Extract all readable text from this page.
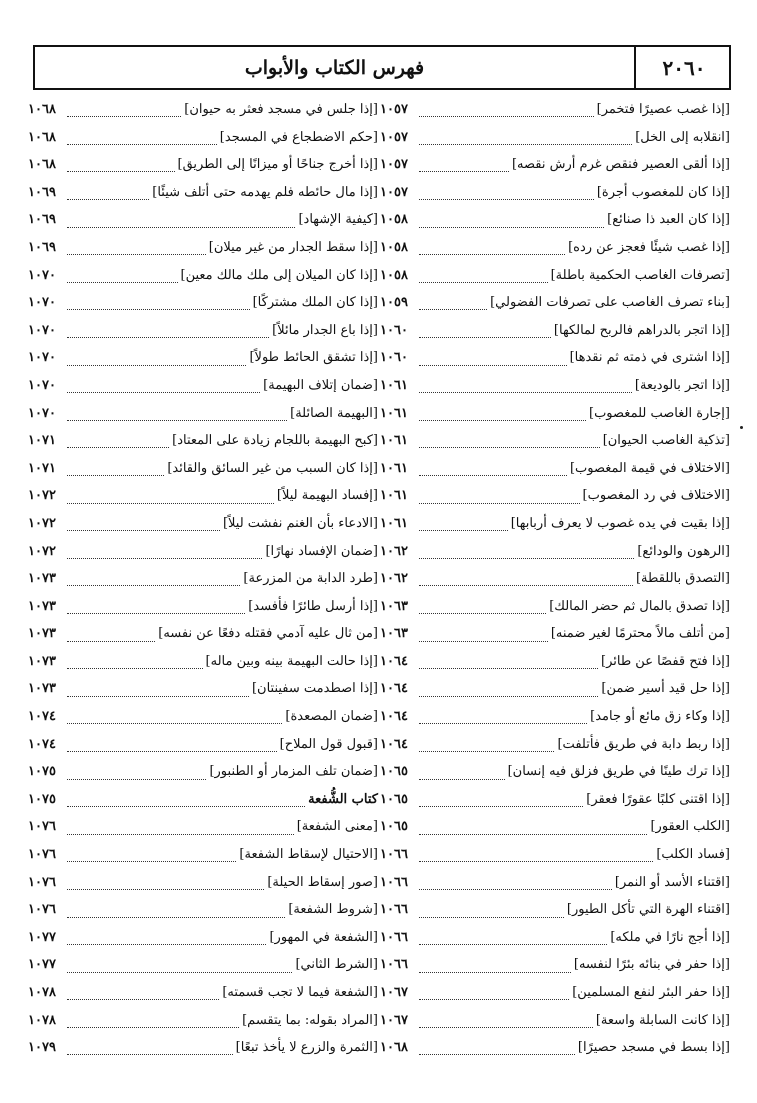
٢٠٦٠
فهرس الكتاب والأبواب
[إذا غصب عصيرًا فتخمر]
١٠٥٧
[انقلابه إلى الخل]
١٠٥٧
[إذا ألقى العصير فنقص غرم أرش نقصه]
١٠٥٧
[إذا كان للمغصوب أجرة]
١٠٥٧
[إذا كان العبد ذا صنائع]
١٠٥٨
[إذا غصب شيئًا فعجز عن رده]
١٠٥٨
[تصرفات الغاصب الحكمية باطلة]
١٠٥٨
[بناء تصرف الغاصب على تصرفات الفضولي]
١٠٥٩
[إذا اتجر بالدراهم فالربح لمالكها]
١٠٦٠
[إذا اشترى في ذمته ثم نقدها]
١٠٦٠
[إذا اتجر بالوديعة]
١٠٦١
[إجارة الغاصب للمغصوب]
١٠٦١
[تذكية الغاصب الحيوان]
١٠٦١
[الاختلاف في قيمة المغصوب]
١٠٦١
[الاختلاف في رد المغصوب]
١٠٦١
[إذا بقيت في يده غصوب لا يعرف أربابها]
١٠٦١
[الرهون والودائع]
١٠٦٢
[التصدق باللقطة]
١٠٦٢
[إذا تصدق بالمال ثم حضر المالك]
١٠٦٣
[من أتلف مالاً محترمًا لغير ضمنه]
١٠٦٣
[إذا فتح قفصًا عن طائر]
١٠٦٤
[إذا حل قيد أسير ضمن]
١٠٦٤
[إذا وكاء زق مائع أو جامد]
١٠٦٤
[إذا ربط دابة في طريق فأتلفت]
١٠٦٤
[إذا ترك طينًا في طريق فزلق فيه إنسان]
١٠٦٥
[إذا اقتنى كلبًا عقورًا فعقر]
١٠٦٥
[الكلب العقور]
١٠٦٥
[فساد الكلب]
١٠٦٦
[اقتناء الأسد أو النمر]
١٠٦٦
[اقتناء الهرة التي تأكل الطيور]
١٠٦٦
[إذا أجج نارًا في ملكه]
١٠٦٦
[إذا حفر في بنائه بئرًا لنفسه]
١٠٦٦
[إذا حفر البئر لنفع المسلمين]
١٠٦٧
[إذا كانت السابلة واسعة]
١٠٦٧
[إذا بسط في مسجد حصيرًا]
١٠٦٨
[إذا جلس في مسجد فعثر به حيوان]
١٠٦٨
[حكم الاضطجاع في المسجد]
١٠٦٨
[إذا أخرج جناحًا أو ميزانًا إلى الطريق]
١٠٦٨
[إذا مال حائطه فلم يهدمه حتى أتلف شيئًا]
١٠٦٩
[كيفية الإشهاد]
١٠٦٩
[إذا سقط الجدار من غير ميلان]
١٠٦٩
[إذا كان الميلان إلى ملك مالك معين]
١٠٧٠
[إذا كان الملك مشتركًا]
١٠٧٠
[إذا باع الجدار مائلاً]
١٠٧٠
[إذا تشقق الحائط طولاً]
١٠٧٠
[ضمان إتلاف البهيمة]
١٠٧٠
[البهيمة الصائلة]
١٠٧٠
[كبح البهيمة باللجام زيادة على المعتاد]
١٠٧١
[إذا كان السبب من غير السائق والقائد]
١٠٧١
[إفساد البهيمة ليلاً]
١٠٧٢
[الادعاء بأن الغنم نفشت ليلاً]
١٠٧٢
[ضمان الإفساد نهارًا]
١٠٧٢
[طرد الدابة من المزرعة]
١٠٧٣
[إذا أرسل طائرًا فأفسد]
١٠٧٣
[من ثال عليه آدمي فقتله دفعًا عن نفسه]
١٠٧٣
[إذا حالت البهيمة بينه وبين ماله]
١٠٧٣
[إذا اصطدمت سفينتان]
١٠٧٣
[ضمان المصعدة]
١٠٧٤
[قبول قول الملاح]
١٠٧٤
[ضمان تلف المزمار أو الطنبور]
١٠٧٥
كتاب الشُّفعة
١٠٧٥
[معنى الشفعة]
١٠٧٦
[الاحتيال لإسقاط الشفعة]
١٠٧٦
[صور إسقاط الحيلة]
١٠٧٦
[شروط الشفعة]
١٠٧٦
[الشفعة في المهور]
١٠٧٧
[الشرط الثاني]
١٠٧٧
[الشفعة فيما لا تجب قسمته]
١٠٧٨
[المراد بقوله: بما يتقسم]
١٠٧٨
[الثمرة والزرع لا يأخذ تبعًا]
١٠٧٩
